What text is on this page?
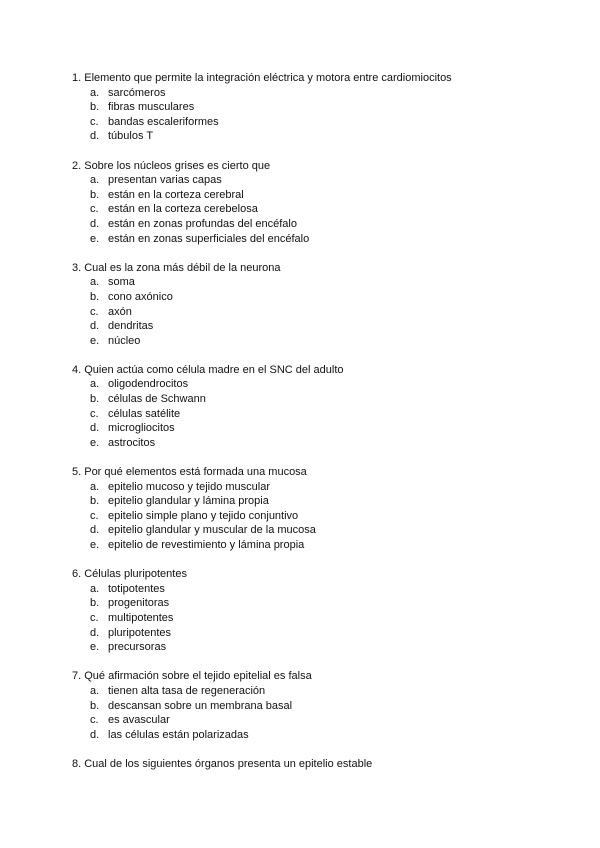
1. Elemento que permite la integración eléctrica y motora entre cardiomiocitos
a. sarcómeros
b. fibras musculares
c. bandas escaleriformes
d. túbulos T
2. Sobre los núcleos grises es cierto que
a. presentan varias capas
b. están en la corteza cerebral
c. están en la corteza cerebelosa
d. están en zonas profundas del encéfalo
e. están en zonas superficiales del encéfalo
3. Cual es la zona más débil de la neurona
a. soma
b. cono axónico
c. axón
d. dendritas
e. núcleo
4. Quien actúa como célula madre en el SNC del adulto
a. oligodendrocitos
b. células de Schwann
c. células satélite
d. microgliocitos
e. astrocitos
5. Por qué elementos está formada una mucosa
a. epitelio mucoso y tejido muscular
b. epitelio glandular y lámina propia
c. epitelio simple plano y tejido conjuntivo
d. epitelio glandular y muscular de la mucosa
e. epitelio de revestimiento y lámina propia
6. Células pluripotentes
a. totipotentes
b. progenitoras
c. multipotentes
d. pluripotentes
e. precursoras
7. Qué afirmación sobre el tejido epitelial es falsa
a. tienen alta tasa de regeneración
b. descansan sobre un membrana basal
c. es avascular
d. las células están polarizadas
8. Cual de los siguientes órganos presenta un epitelio estable
